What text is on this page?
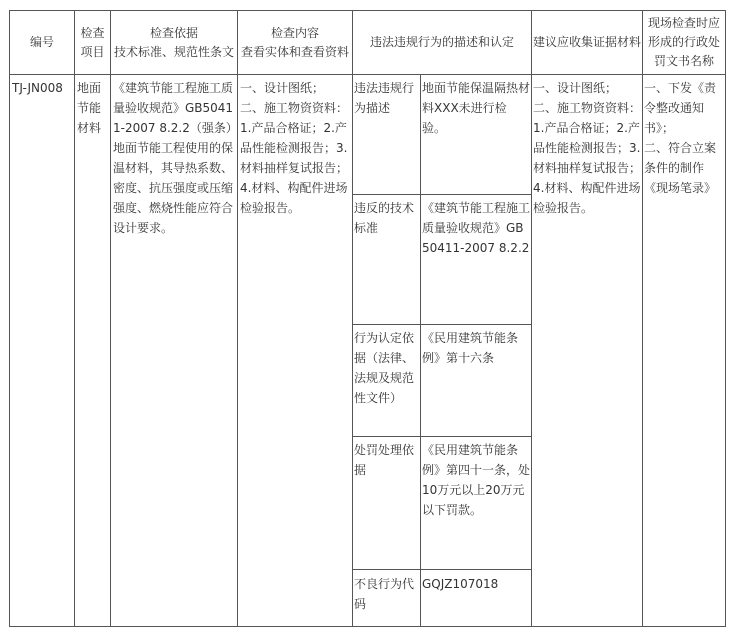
编号
检查
项目
检查依据
技术标准、规范性条文
检查内容
查看实体和查看资料
违法违规行为的描述和认定	建议应收集证据材料
现场检查时应
形成的行政处
罚文书名称
TJ-JN008	地面
节能
材料
《建筑节能工程施工质量验收规范》GB50411-2007 8.2.2（强条）地面节能工程使用的保温材料，其导热系数、密度、抗压强度或压缩强度、燃烧性能应符合设计要求。
一、设计图纸；
二、施工物资资料：1.产品合格证；2.产品性能检测报告；3.材料抽样复试报告；4.材料、构配件进场检验报告。
违法违规行为描述
地面节能保温隔热材料XXX未进行检验。
违反的技术标准
《建筑节能工程施工质量验收规范》GB50411-2007 8.2.2
行为认定依据（法律、法规及规范性文件）
《民用建筑节能条例》第十六条
处罚处理依据
《民用建筑节能条例》第四十一条，处10万元以上20万元以下罚款。
不良行为代码
GQJZ107018
一、设计图纸；
二、施工物资资料：1.产品合格证；2.产品性能检测报告；3.材料抽样复试报告；4.材料、构配件进场检验报告。
一、下发《责令整改通知书》；
二、符合立案条件的制作《现场笔录》
